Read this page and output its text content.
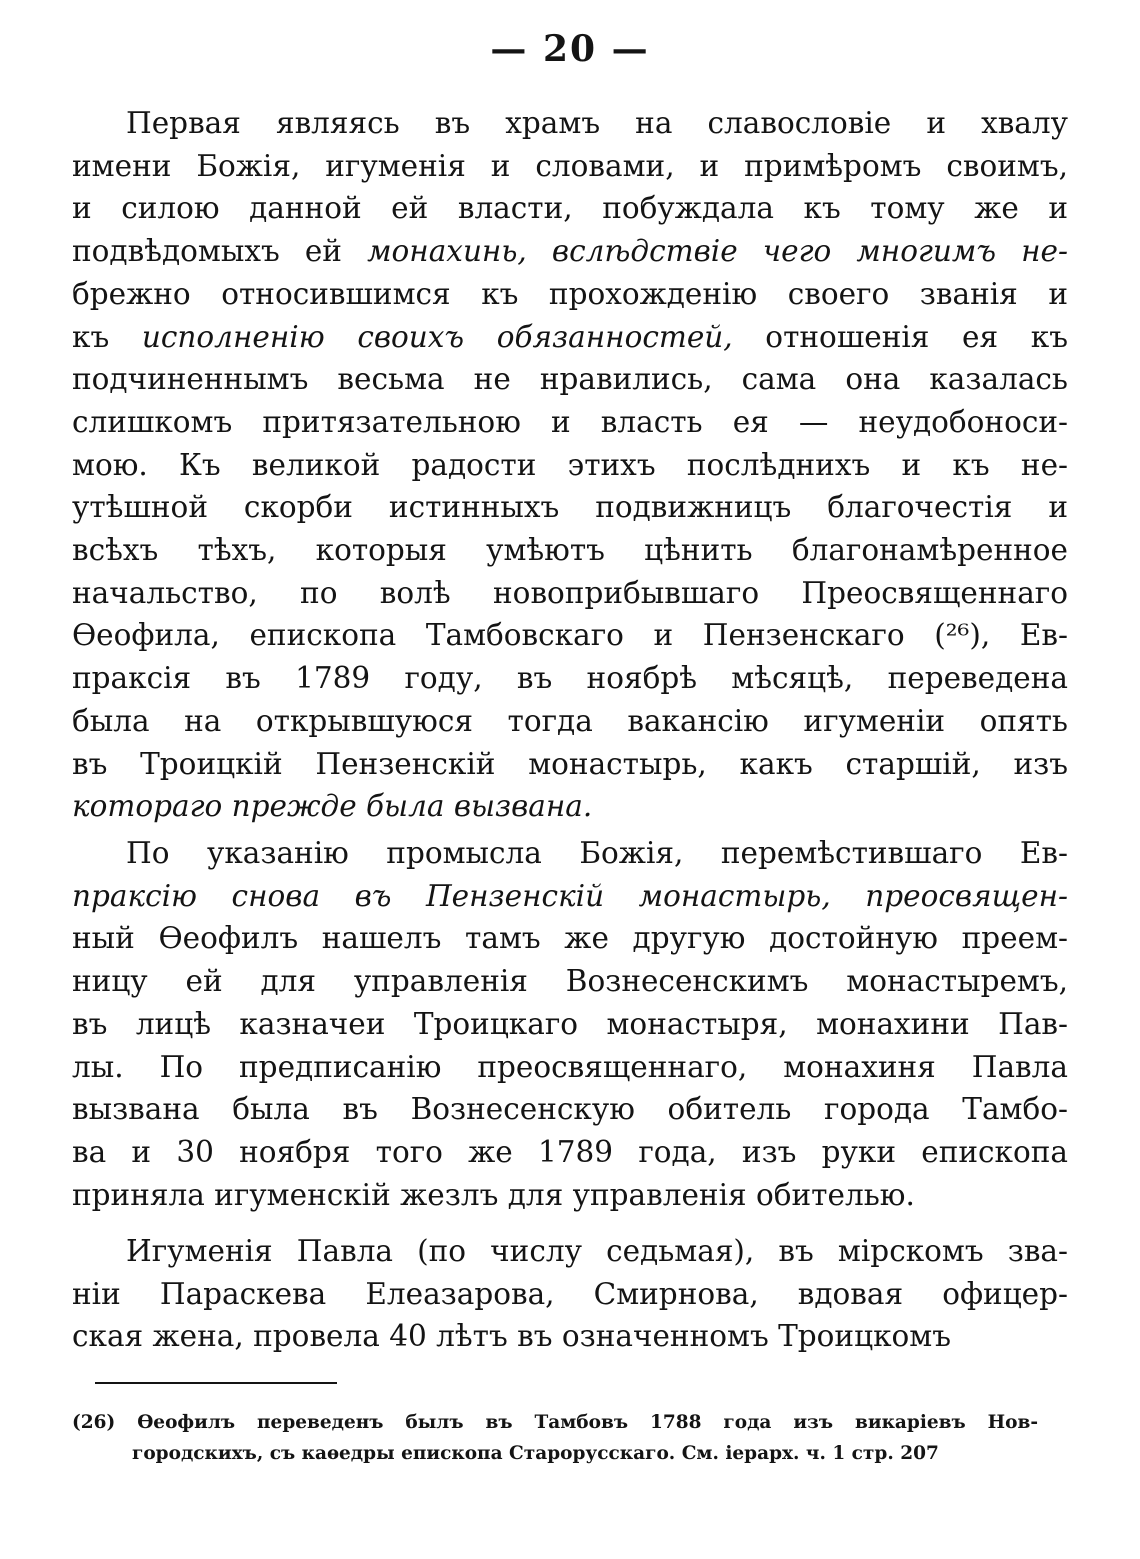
— 20 —
Первая являясь въ храмъ на славословіе и хвалу
имени Божія, игуменія и словами, и примѣромъ своимъ,
и силою данной ей власти, побуждала къ тому же и
подвѣдомыхъ ей монахинь, вслѣдствіе чего многимъ не-
брежно относившимся къ прохожденію своего званія и
къ исполненію своихъ обязанностей, отношенія ея къ
подчиненнымъ весьма не нравились, сама она казалась
слишкомъ притязательною и власть ея — неудобоноси-
мою. Къ великой радости этихъ послѣднихъ и къ не-
утѣшной скорби истинныхъ подвижницъ благочестія и
всѣхъ тѣхъ, которыя умѣютъ цѣнить благонамѣренное
начальство, по волѣ новоприбывшаго Преосвященнаго
Ѳеофила, епископа Тамбовскаго и Пензенскаго (²⁶), Ев-
праксія въ 1789 году, въ ноябрѣ мѣсяцѣ, переведена
была на открывшуюся тогда вакансію игуменіи опять
въ Троицкій Пензенскій монастырь, какъ старшій, изъ
котораго прежде была вызвана.
По указанію промысла Божія, перемѣстившаго Ев-
праксію снова въ Пензенскій монастырь, преосвящен-
ный Ѳеофилъ нашелъ тамъ же другую достойную преем-
ницу ей для управленія Вознесенскимъ монастыремъ,
въ лицѣ казначеи Троицкаго монастыря, монахини Пав-
лы. По предписанію преосвященнаго, монахиня Павла
вызвана была въ Вознесенскую обитель города Тамбо-
ва и 30 ноября того же 1789 года, изъ руки епископа
приняла игуменскій жезлъ для управленія обителью.
Игуменія Павла (по числу седьмая), въ мірскомъ зва-
ніи Параскева Елеазарова, Смирнова, вдовая офицер-
ская жена, провела 40 лѣтъ въ означенномъ Троицкомъ
(26) Ѳеофилъ переведенъ былъ въ Тамбовъ 1788 года изъ викаріевъ Нов-
городскихъ, съ каѳедры епископа Старорусскаго. См. іерарх. ч. 1 стр. 207
